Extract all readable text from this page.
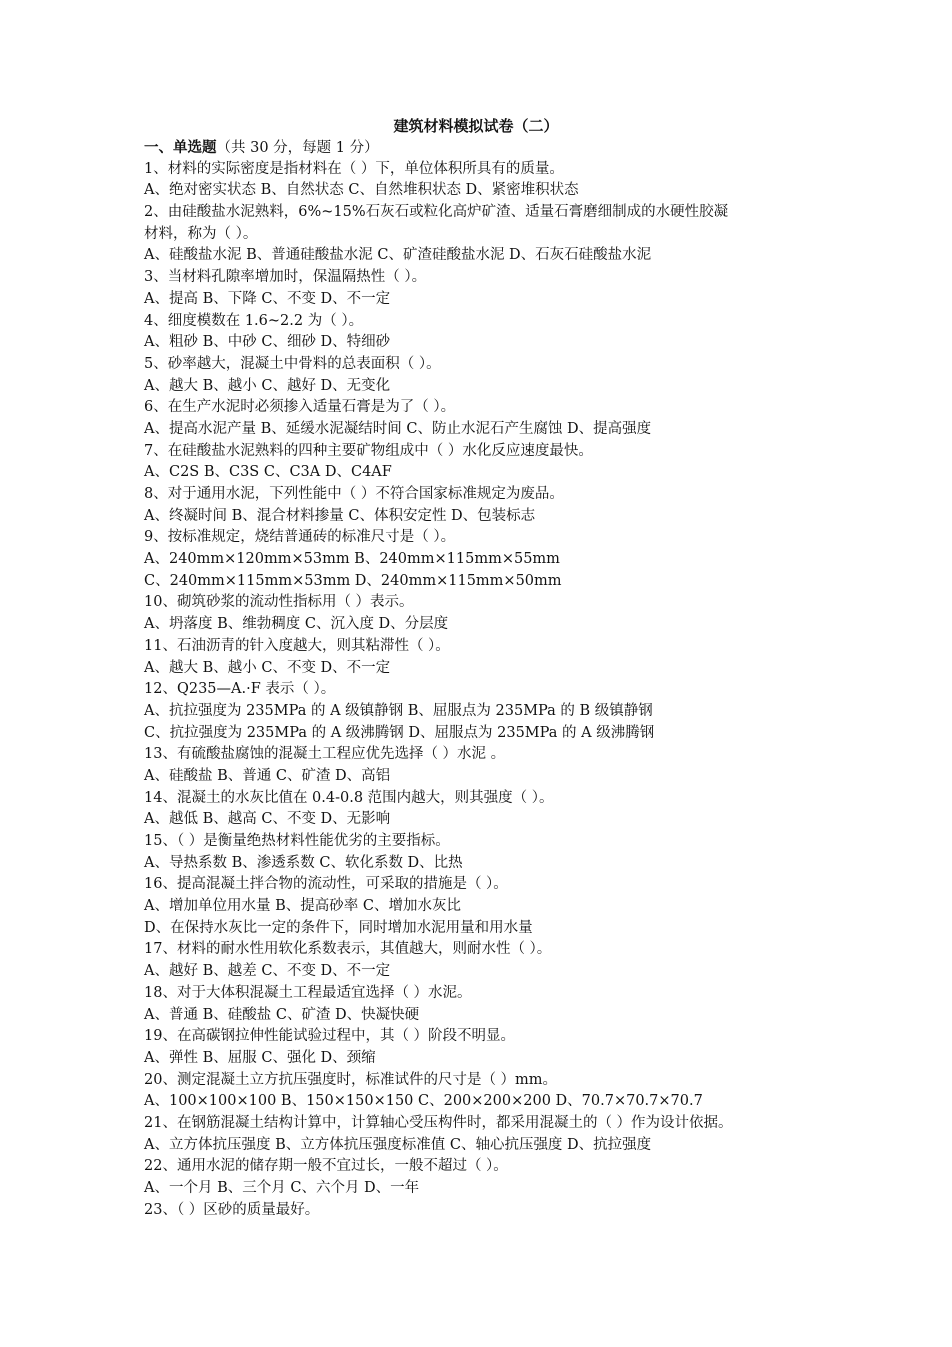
建筑材料模拟试卷（二）
一、单选题（共 30 分，每题 1 分）
1、材料的实际密度是指材料在（ ）下，单位体积所具有的质量。
A、绝对密实状态 B、自然状态 C、自然堆积状态 D、紧密堆积状态
2、由硅酸盐水泥熟料，6%~15%石灰石或粒化高炉矿渣、适量石膏磨细制成的水硬性胶凝
材料，称为（ ）。
A、硅酸盐水泥 B、普通硅酸盐水泥 C、矿渣硅酸盐水泥 D、石灰石硅酸盐水泥
3、当材料孔隙率增加时，保温隔热性（ ）。
A、提高 B、下降 C、不变 D、不一定
4、细度模数在 1.6~2.2 为（ ）。
A、粗砂 B、中砂 C、细砂 D、特细砂
5、砂率越大，混凝土中骨料的总表面积（ ）。
A、越大 B、越小 C、越好 D、无变化
6、在生产水泥时必须掺入适量石膏是为了（ ）。
A、提高水泥产量 B、延缓水泥凝结时间 C、防止水泥石产生腐蚀 D、提高强度
7、在硅酸盐水泥熟料的四种主要矿物组成中（ ）水化反应速度最快。
A、C2S B、C3S C、C3A D、C4AF
8、对于通用水泥，下列性能中（ ）不符合国家标准规定为废品。
A、终凝时间 B、混合材料掺量 C、体积安定性 D、包装标志
9、按标准规定，烧结普通砖的标准尺寸是（ ）。
A、240mm×120mm×53mm B、240mm×115mm×55mm
C、240mm×115mm×53mm D、240mm×115mm×50mm
10、砌筑砂浆的流动性指标用（ ）表示。
A、坍落度 B、维勃稠度 C、沉入度 D、分层度
11、石油沥青的针入度越大，则其粘滞性（ ）。
A、越大 B、越小 C、不变 D、不一定
12、Q235—A.·F 表示（ ）。
A、抗拉强度为 235MPa 的 A 级镇静钢 B、屈服点为 235MPa 的 B 级镇静钢
C、抗拉强度为 235MPa 的 A 级沸腾钢 D、屈服点为 235MPa 的 A 级沸腾钢
13、有硫酸盐腐蚀的混凝土工程应优先选择（ ）水泥 。
A、硅酸盐 B、普通 C、矿渣 D、高铝
14、混凝土的水灰比值在 0.4-0.8 范围内越大，则其强度（ ）。
A、越低 B、越高 C、不变 D、无影响
15、（ ）是衡量绝热材料性能优劣的主要指标。
A、导热系数 B、渗透系数 C、软化系数 D、比热
16、提高混凝土拌合物的流动性，可采取的措施是（ ）。
A、增加单位用水量 B、提高砂率 C、增加水灰比
D、在保持水灰比一定的条件下，同时增加水泥用量和用水量
17、材料的耐水性用软化系数表示，其值越大，则耐水性（ ）。
A、越好 B、越差 C、不变 D、不一定
18、对于大体积混凝土工程最适宜选择（ ）水泥。
A、普通 B、硅酸盐 C、矿渣 D、快凝快硬
19、在高碳钢拉伸性能试验过程中，其（ ）阶段不明显。
A、弹性 B、屈服 C、强化 D、颈缩
20、测定混凝土立方抗压强度时，标准试件的尺寸是（ ）mm。
A、100×100×100 B、150×150×150 C、200×200×200 D、70.7×70.7×70.7
21、在钢筋混凝土结构计算中，计算轴心受压构件时，都采用混凝土的（ ）作为设计依据。
A、立方体抗压强度 B、立方体抗压强度标准值 C、轴心抗压强度 D、抗拉强度
22、通用水泥的储存期一般不宜过长，一般不超过（ ）。
A、一个月 B、三个月 C、六个月 D、一年
23、（ ）区砂的质量最好。
